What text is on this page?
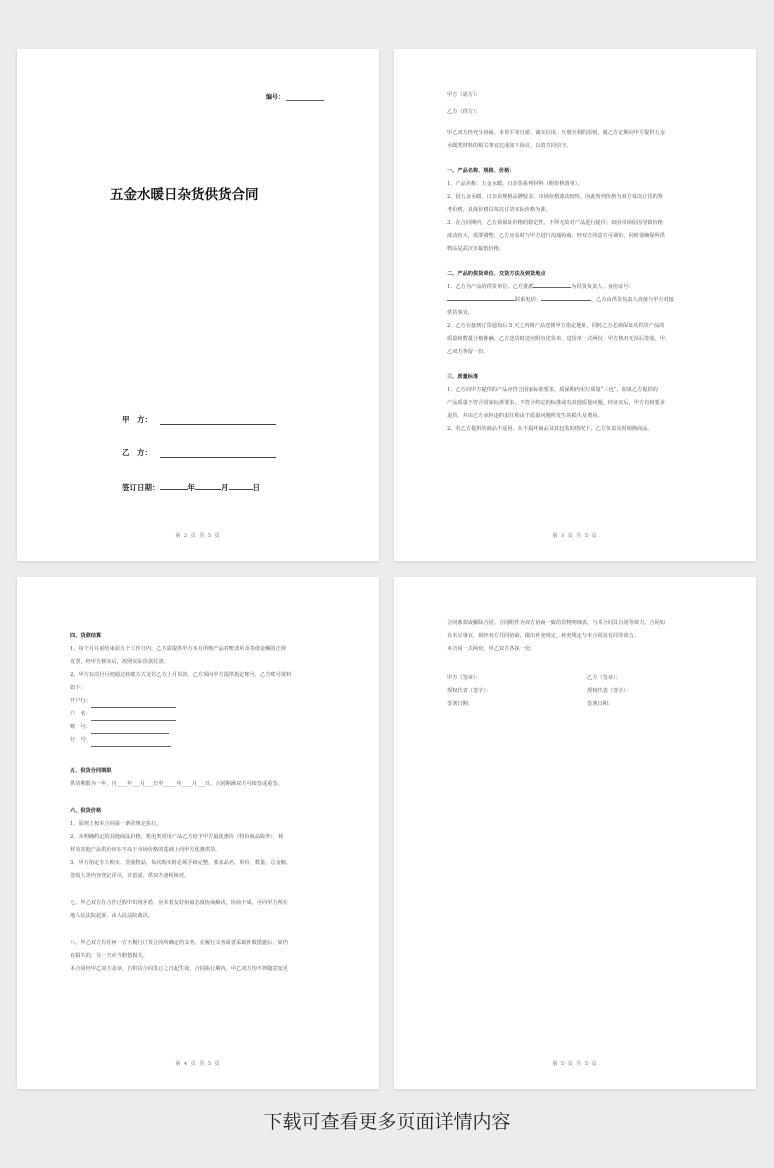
编号：
五金水暖日杂货供货合同
甲　方：
乙　方：
签订日期：	年	月	日
第 2 页 共 5 页
甲方（需方）：
乙方（供方）：
甲乙双方经充分协商，本着平等自愿、诚实信用、互惠互利的原则，就乙方定期向甲方提供五金
水暖类材料的相关事宜达成如下协议，以资共同信守。
一、产品名称、规格、价格：
1、产品名称：五金水暖、日杂货系列材料（附价格清单）。
2、因五金水暖、日杂货规格品牌较多，市场价格波动较快，因此所列价格为双方每次订货的参
考价格，具体价格以每次订货实际价格为准。
3、在合同期内，乙方须保证价格的稳定性，不得无故对产品进行提价；如因市场原因导致价格
波动较大，需要调整，乙方应及时与甲方进行沟通协商，经双方同意方可调价，同时要确保所供
物品是武汉市最低价格。
二、产品的供货单位、交货方法及到货地点
1、乙方为产品的供货单位。乙方委派	为供货负责人，身份证号：
联系电话：	。乙方由供货负责人直接与甲方对接
供货事宜。
2、乙方在接到订货通知后 5 天之内将产品送到甲方指定地址，同时乙方必须保证其供货产品的
质量和数量合格准确，乙方送货时还应附有送货单，送货单一式两份，甲方核对无误后签收，甲、
乙双方各留一份。
三、质量标准
1、乙方向甲方提供的产品应符合国家标准要求，质保期内实行质量“三包”，如果乙方提供的
产品质量不符合国家标准要求、不符合约定的标准或有其他质量问题，经证实后，甲方有权要求
退货，并由乙方承担违约责任和由于质量问题所发生的损失及费用。
2、若乙方提供的商品不适用，在不损坏商品及其包装的情况下，乙方负责及时调换商品。
第 3 页 共 5 页
四、货款结算
1、每个月月底结束前五个工作日内，乙方需提供甲方本月所购产品对账清单及等值金额的正规
发票，经甲方核实后，按照实际货款付清。
2、甲方在次月月初通过转账方式支付乙方上月货款，乙方需向甲方提供指定账号，乙方账号资料
如下：
开户行：
户　名：
账　号：
行　号：
五、供货合同期限
供货期限为一年，自____年___月___日至_____年____月___日，合同期满双方可续签或重签。
六、供货价格
1、原则上按本合同第一条的规定执行。
2、未明确约定的其他商品价格，机电类常用产品乙方给予甲方最优惠价（特价商品除外），耗
材及其他产品供价应在不高于市场价格的基础上向甲方优惠供货。
3、甲方指定专人购买、签收物品，每次购买时必须手续完整，要求品名、单价、数量、总金额、
签收人等内容登记详尽，并留需、供双方备检核对。
七、甲乙双方在合作过程中出现矛盾，应本着友好协商态度协商解决，协商不成，可向甲方所在
地人民法院起诉，由人民法院裁决。
八、甲乙双方有任何一方不履行订货合同所确定的义务，在履行义务或者采取补救措施后，如仍
有损失的，另一方应当赔偿损失。
本合同经甲乙双方盖章，自供货合同签订之日起生效，合同执行期内，甲乙双方均不得随意变更
第 4 页 共 5 页
合同条款或解除合同。合同附件为双方协商一致的货物明细表，与本合同具有同等效力。合同如
有未尽事宜，须经双方共同协商，做出补充规定，补充规定与本合同具有同等效力。
本合同一式两份，甲乙双方各执一份。
甲方（签章）：	乙方（签章）：
授权代表（签字）：	授权代表（签字）：
签署日期：	签署日期：
第 5 页 共 5 页
下载可查看更多页面详情内容
